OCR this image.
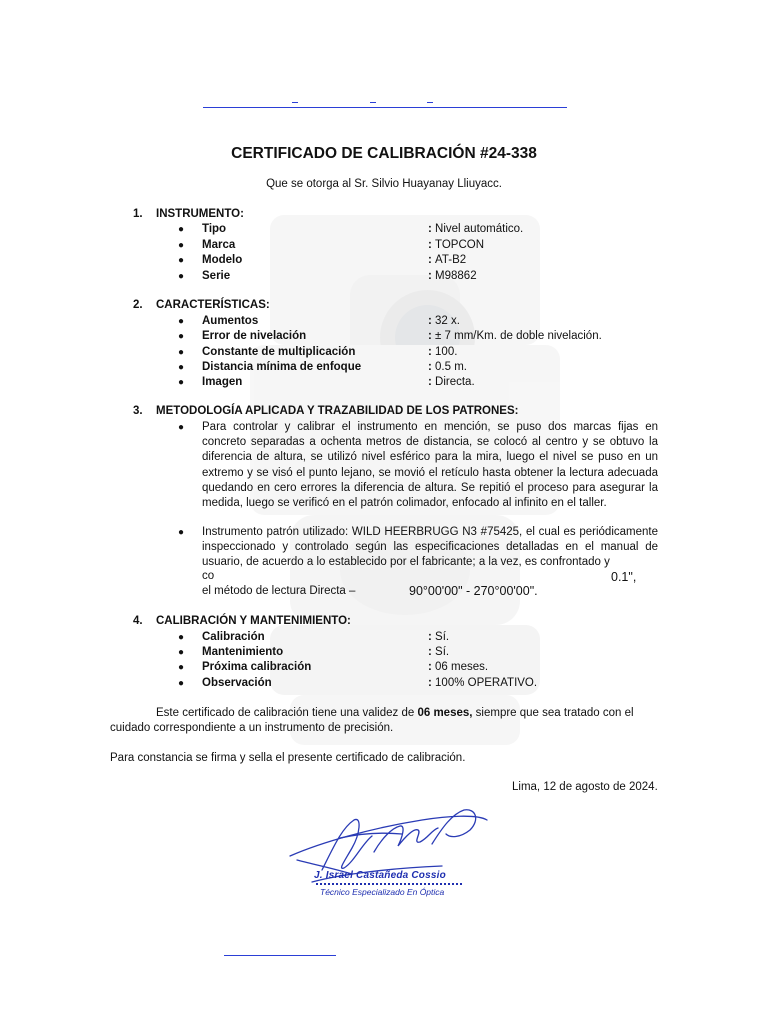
CERTIFICADO DE CALIBRACIÓN #24-338
Que se otorga al Sr. Silvio Huayanay Lliuyacc.
1. INSTRUMENTO:
● Tipo	: Nivel automático.
● Marca	: TOPCON
● Modelo	: AT-B2
● Serie	: M98862
2. CARACTERÍSTICAS:
● Aumentos	: 32 x.
● Error de nivelación	: ± 7 mm/Km. de doble nivelación.
● Constante de multiplicación	: 100.
● Distancia mínima de enfoque	: 0.5 m.
● Imagen	: Directa.
3. METODOLOGÍA APLICADA Y TRAZABILIDAD DE LOS PATRONES:
● Para controlar y calibrar el instrumento en mención, se puso dos marcas fijas en concreto separadas a ochenta metros de distancia, se colocó al centro y se obtuvo la diferencia de altura, se utilizó nivel esférico para la mira, luego el nivel se puso en un extremo y se visó el punto lejano, se movió el retículo hasta obtener la lectura adecuada quedando en cero errores la diferencia de altura. Se repitió el proceso para asegurar la medida, luego se verificó en el patrón colimador, enfocado al infinito en el taller.
● Instrumento patrón utilizado: WILD HEERBRUGG N3 #75425, el cual es periódicamente inspeccionado y controlado según las especificaciones detalladas en el manual de usuario, de acuerdo a lo establecido por el fabricante; a la vez, es confrontado y
co	0.1",
el método de lectura Directa –	90°00'00" - 270°00'00".
4. CALIBRACIÓN Y MANTENIMIENTO:
● Calibración	: Sí.
● Mantenimiento	: Sí.
● Próxima calibración	: 06 meses.
● Observación	: 100% OPERATIVO.
Este certificado de calibración tiene una validez de 06 meses, siempre que sea tratado con el
cuidado correspondiente a un instrumento de precisión.
Para constancia se firma y sella el presente certificado de calibración.
Lima, 12 de agosto de 2024.
J. Israel Castañeda Cossio
Técnico Especializado En Óptica
